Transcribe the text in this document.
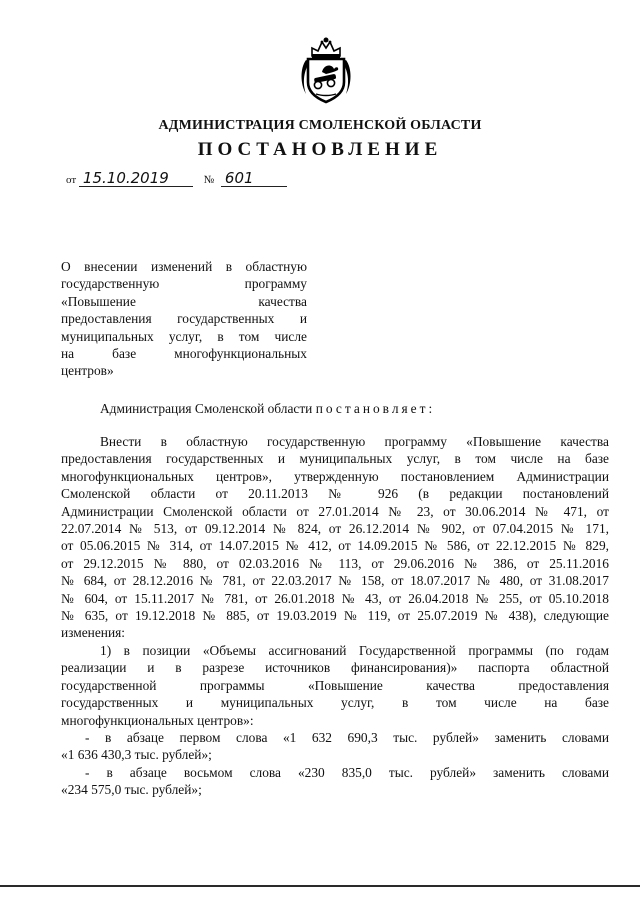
АДМИНИСТРАЦИЯ СМОЛЕНСКОЙ ОБЛАСТИ
ПОСТАНОВЛЕНИЕ
от 15.10.2019	№ 601
О внесении изменений в областную
государственную программу
«Повышение качества
предоставления государственных и
муниципальных услуг, в том числе
на базе многофункциональных
центров»
Администрация Смоленской области постановляет:
Внести в областную государственную программу «Повышение качества
предоставления государственных и муниципальных услуг, в том числе на базе
многофункциональных центров», утвержденную постановлением Администрации
Смоленской области от 20.11.2013 № 926 (в редакции постановлений
Администрации Смоленской области от 27.01.2014 № 23, от 30.06.2014 № 471, от
22.07.2014 № 513, от 09.12.2014 № 824, от 26.12.2014 № 902, от 07.04.2015 № 171,
от 05.06.2015 № 314, от 14.07.2015 № 412, от 14.09.2015 № 586, от 22.12.2015 № 829,
от 29.12.2015 № 880, от 02.03.2016 № 113, от 29.06.2016 № 386, от 25.11.2016
№ 684, от 28.12.2016 № 781, от 22.03.2017 № 158, от 18.07.2017 № 480, от 31.08.2017
№ 604, от 15.11.2017 № 781, от 26.01.2018 № 43, от 26.04.2018 № 255, от 05.10.2018
№ 635, от 19.12.2018 № 885, от 19.03.2019 № 119, от 25.07.2019 № 438), следующие
изменения:
1) в позиции «Объемы ассигнований Государственной программы (по годам
реализации и в разрезе источников финансирования)» паспорта областной
государственной программы «Повышение качества предоставления
государственных и муниципальных услуг, в том числе на базе
многофункциональных центров»:
- в абзаце первом слова «1 632 690,3 тыс. рублей» заменить словами
«1 636 430,3 тыс. рублей»;
- в абзаце восьмом слова «230 835,0 тыс. рублей» заменить словами
«234 575,0 тыс. рублей»;
